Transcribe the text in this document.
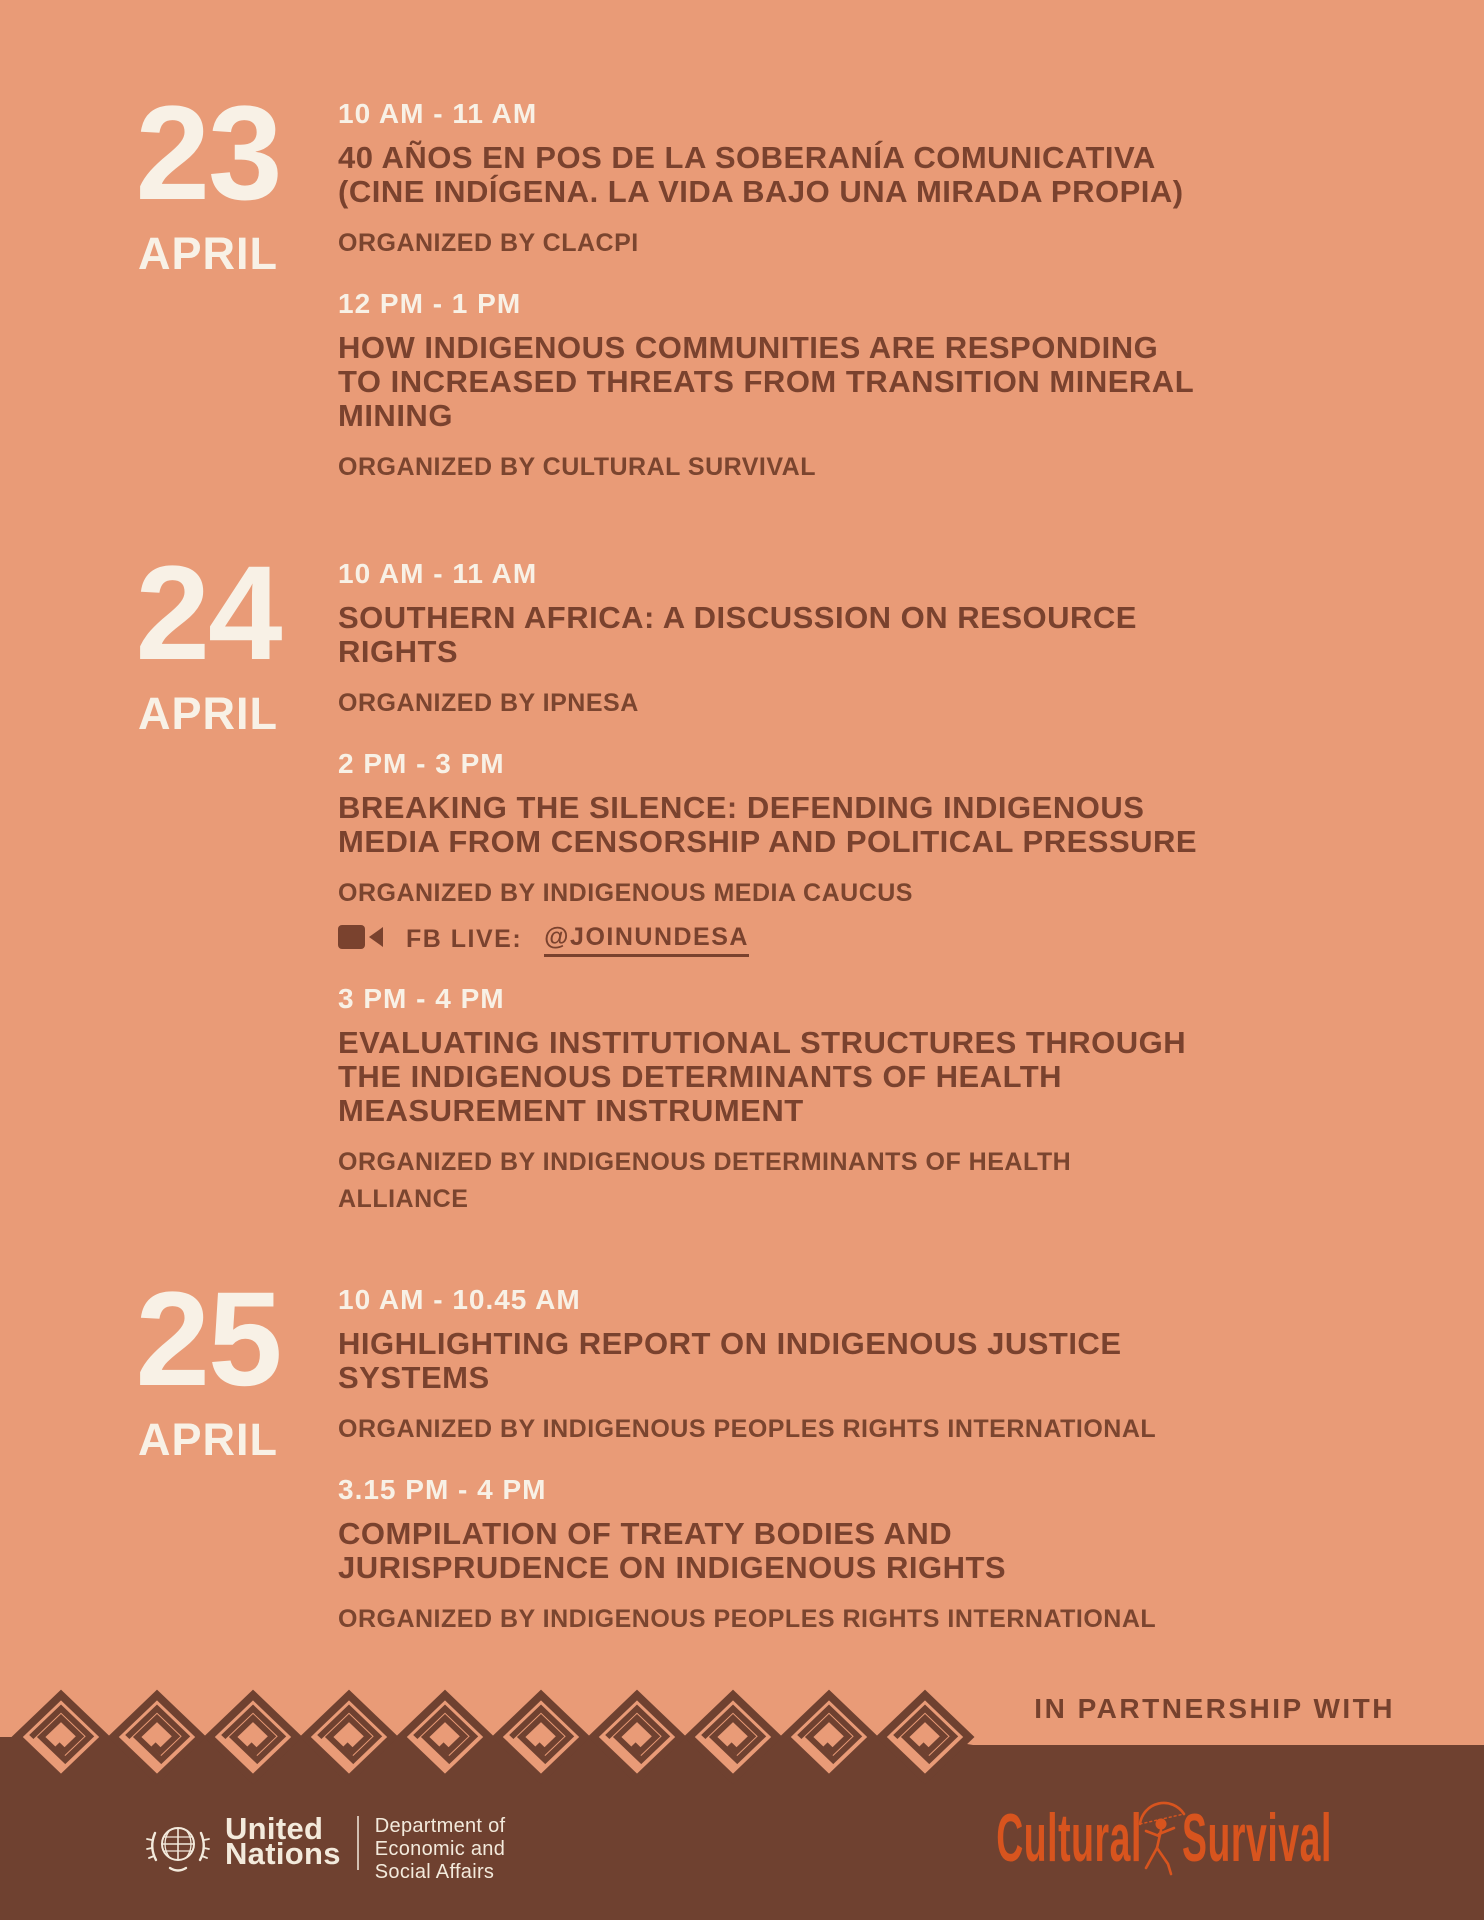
23
APRIL
10 AM - 11 AM
40 AÑOS EN POS DE LA SOBERANÍA COMUNICATIVA
(CINE INDÍGENA. LA VIDA BAJO UNA MIRADA PROPIA)
ORGANIZED BY CLACPI
12 PM - 1 PM
HOW INDIGENOUS COMMUNITIES ARE RESPONDING
TO INCREASED THREATS FROM TRANSITION MINERAL
MINING
ORGANIZED BY CULTURAL SURVIVAL
24
APRIL
10 AM - 11 AM
SOUTHERN AFRICA: A DISCUSSION ON RESOURCE
RIGHTS
ORGANIZED BY IPNESA
2 PM - 3 PM
BREAKING THE SILENCE: DEFENDING INDIGENOUS
MEDIA FROM CENSORSHIP AND POLITICAL PRESSURE
ORGANIZED BY INDIGENOUS MEDIA CAUCUS
FB LIVE: @JOINUNDESA
3 PM - 4 PM
EVALUATING INSTITUTIONAL STRUCTURES THROUGH
THE INDIGENOUS DETERMINANTS OF HEALTH
MEASUREMENT INSTRUMENT
ORGANIZED BY INDIGENOUS DETERMINANTS OF HEALTH
ALLIANCE
25
APRIL
10 AM - 10.45 AM
HIGHLIGHTING REPORT ON INDIGENOUS JUSTICE
SYSTEMS
ORGANIZED BY INDIGENOUS PEOPLES RIGHTS INTERNATIONAL
3.15 PM - 4 PM
COMPILATION OF TREATY BODIES AND
JURISPRUDENCE ON INDIGENOUS RIGHTS
ORGANIZED BY INDIGENOUS PEOPLES RIGHTS INTERNATIONAL
IN PARTNERSHIP WITH
United
Nations
Department of
Economic and
Social Affairs	Cultural Survival
